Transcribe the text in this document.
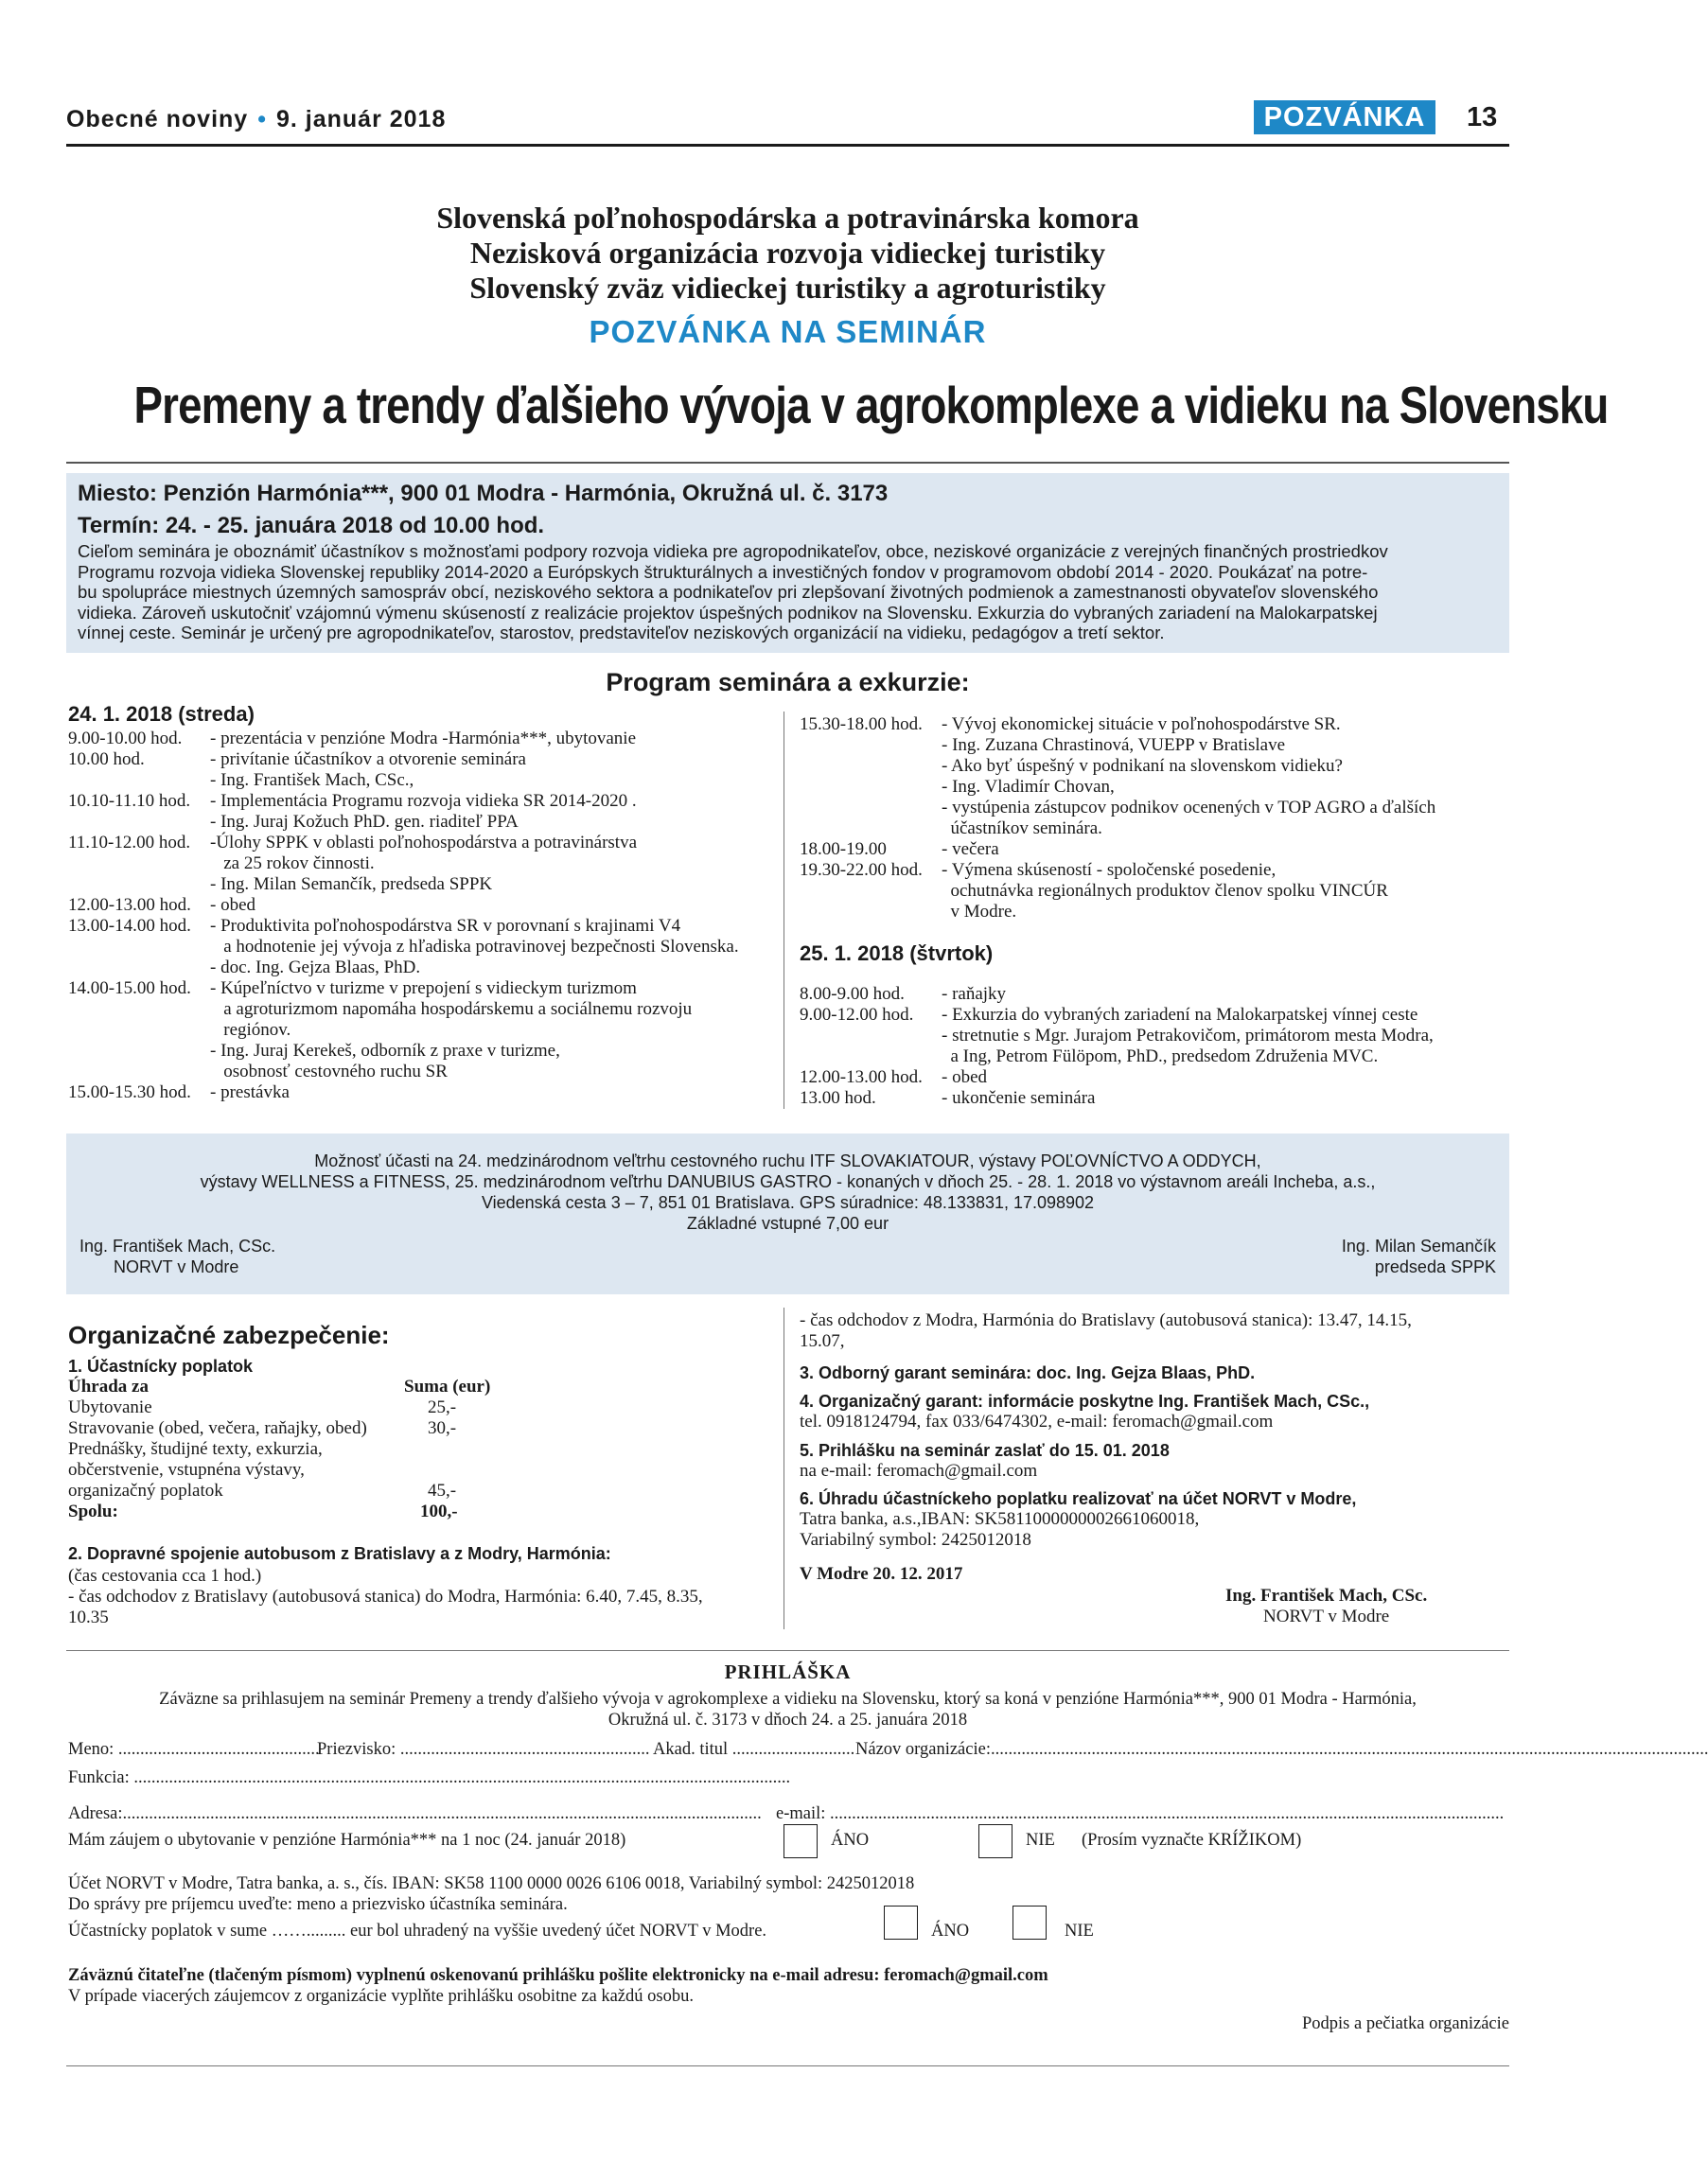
Obecné noviny • 9. január 2018	POZVÁNKA	13
Slovenská poľnohospodárska a potravinárska komora
Nezisková organizácia rozvoja vidieckej turistiky
Slovenský zväz vidieckej turistiky a agroturistiky
POZVÁNKA NA SEMINÁR
Premeny a trendy ďalšieho vývoja v agrokomplexe a vidieku na Slovensku
Miesto: Penzión Harmónia***, 900 01 Modra - Harmónia, Okružná ul. č. 3173
Termín: 24. - 25. januára 2018 od 10.00 hod.
Cieľom seminára je oboznámiť účastníkov s možnosťami podpory rozvoja vidieka pre agropodnikateľov, obce, neziskové organizácie z verejných finančných prostriedkov
Programu rozvoja vidieka Slovenskej republiky 2014-2020 a Európskych štrukturálnych a investičných fondov v programovom období 2014 - 2020. Poukázať na potre-
bu spolupráce miestnych územných samospráv obcí, neziskového sektora a podnikateľov pri zlepšovaní životných podmienok a zamestnanosti obyvateľov slovenského
vidieka. Zároveň uskutočniť vzájomnú výmenu skúseností z realizácie projektov úspešných podnikov na Slovensku. Exkurzia do vybraných zariadení na Malokarpatskej
vínnej ceste. Seminár je určený pre agropodnikateľov, starostov, predstaviteľov neziskových organizácií na vidieku, pedagógov a tretí sektor.
Program seminára a exkurzie:
24. 1. 2018 (streda)
9.00-10.00 hod.	- prezentácia v penzióne Modra -Harmónia***, ubytovanie
10.00 hod.	- privítanie účastníkov a otvorenie seminára
- Ing. František Mach, CSc.,
10.10-11.10 hod.	- Implementácia Programu rozvoja vidieka SR 2014-2020 .
- Ing. Juraj Kožuch PhD. gen. riaditeľ PPA
11.10-12.00 hod.	-Úlohy SPPK v oblasti poľnohospodárstva a potravinárstva
za 25 rokov činnosti.
- Ing. Milan Semančík, predseda SPPK
12.00-13.00 hod.	- obed
13.00-14.00 hod.	- Produktivita poľnohospodárstva SR v porovnaní s krajinami V4
a hodnotenie jej vývoja z hľadiska potravinovej bezpečnosti Slovenska.
- doc. Ing. Gejza Blaas, PhD.
14.00-15.00 hod.	- Kúpeľníctvo v turizme v prepojení s vidieckym turizmom
a agroturizmom napomáha hospodárskemu a sociálnemu rozvoju
regiónov.
- Ing. Juraj Kerekeš, odborník z praxe v turizme,
osobnosť cestovného ruchu SR
15.00-15.30 hod.	- prestávka
15.30-18.00 hod.	- Vývoj ekonomickej situácie v poľnohospodárstve SR.
- Ing. Zuzana Chrastinová, VUEPP v Bratislave
- Ako byť úspešný v podnikaní na slovenskom vidieku?
- Ing. Vladimír Chovan,
- vystúpenia zástupcov podnikov ocenených v TOP AGRO a ďalších
účastníkov seminára.
18.00-19.00	- večera
19.30-22.00 hod.	- Výmena skúseností - spoločenské posedenie,
ochutnávka regionálnych produktov členov spolku VINCÚR
v Modre.
25. 1. 2018 (štvrtok)
8.00-9.00 hod.	- raňajky
9.00-12.00 hod.	- Exkurzia do vybraných zariadení na Malokarpatskej vínnej ceste
- stretnutie s Mgr. Jurajom Petrakovičom, primátorom mesta Modra,
a Ing, Petrom Fülöpom, PhD., predsedom Združenia MVC.
12.00-13.00 hod.	- obed
13.00 hod.	- ukončenie seminára
Možnosť účasti na 24. medzinárodnom veľtrhu cestovného ruchu ITF SLOVAKIATOUR, výstavy POĽOVNÍCTVO A ODDYCH,
výstavy WELLNESS a FITNESS, 25. medzinárodnom veľtrhu DANUBIUS GASTRO - konaných v dňoch 25. - 28. 1. 2018 vo výstavnom areáli Incheba, a.s.,
Viedenská cesta 3 – 7, 851 01 Bratislava. GPS súradnice: 48.133831, 17.098902
Základné vstupné 7,00 eur
Ing. František Mach, CSc.
NORVT v Modre
Ing. Milan Semančík
predseda SPPK
Organizačné zabezpečenie:
1. Účastnícky poplatok
Úhrada za	Suma (eur)
Ubytovanie	25,-
Stravovanie (obed, večera, raňajky, obed)	30,-
Prednášky, študijné texty, exkurzia,
občerstvenie, vstupnéna výstavy,
organizačný poplatok	45,-
Spolu:	100,-
2. Dopravné spojenie autobusom z Bratislavy a z Modry, Harmónia:
(čas cestovania cca 1 hod.)
- čas odchodov z Bratislavy (autobusová stanica) do Modra, Harmónia: 6.40, 7.45, 8.35,
10.35
- čas odchodov z Modra, Harmónia do Bratislavy (autobusová stanica): 13.47, 14.15,
15.07,
3. Odborný garant seminára: doc. Ing. Gejza Blaas, PhD.
4. Organizačný garant: informácie poskytne Ing. František Mach, CSc.,
tel. 0918124794, fax 033/6474302, e-mail: feromach@gmail.com
5. Prihlášku na seminár zaslať do 15. 01. 2018
na e-mail: feromach@gmail.com
6. Úhradu účastníckeho poplatku realizovať na účet NORVT v Modre,
Tatra banka, a.s.,IBAN: SK5811000000002661060018,
Variabilný symbol: 2425012018
V Modre 20. 12. 2017
Ing. František Mach, CSc.
NORVT v Modre
PRIHLÁŠKA
Záväzne sa prihlasujem na seminár Premeny a trendy ďalšieho vývoja v agrokomplexe a vidieku na Slovensku, ktorý sa koná v penzióne Harmónia***, 900 01 Modra - Harmónia,
Okružná ul. č. 3173 v dňoch 24. a 25. januára 2018
Meno: ..............................................
Priezvisko: ......................................................... Akad. titul ............................ Názov organizácie:....................................................................................................................................................................
Funkcia: ......................................................................................................................................................
Adresa:.................................................................................................................................................. e-mail: ..........................................................................................................................................................
Mám záujem o ubytovanie v penzióne Harmónia*** na 1 noc (24. január 2018)	ÁNO	NIE (Prosím vyznačte KRÍŽIKOM)
Účet NORVT v Modre, Tatra banka, a. s., čís. IBAN: SK58 1100 0000 0026 6106 0018, Variabilný symbol: 2425012018
Do správy pre príjemcu uveďte: meno a priezvisko účastníka seminára.
Účastnícky poplatok v sume ……......... eur bol uhradený na vyššie uvedený účet NORVT v Modre.	ÁNO	NIE
Záväznú čitateľne (tlačeným písmom) vyplnenú oskenovanú prihlášku pošlite elektronicky na e-mail adresu: feromach@gmail.com
V prípade viacerých záujemcov z organizácie vyplňte prihlášku osobitne za každú osobu.
Podpis a pečiatka organizácie
